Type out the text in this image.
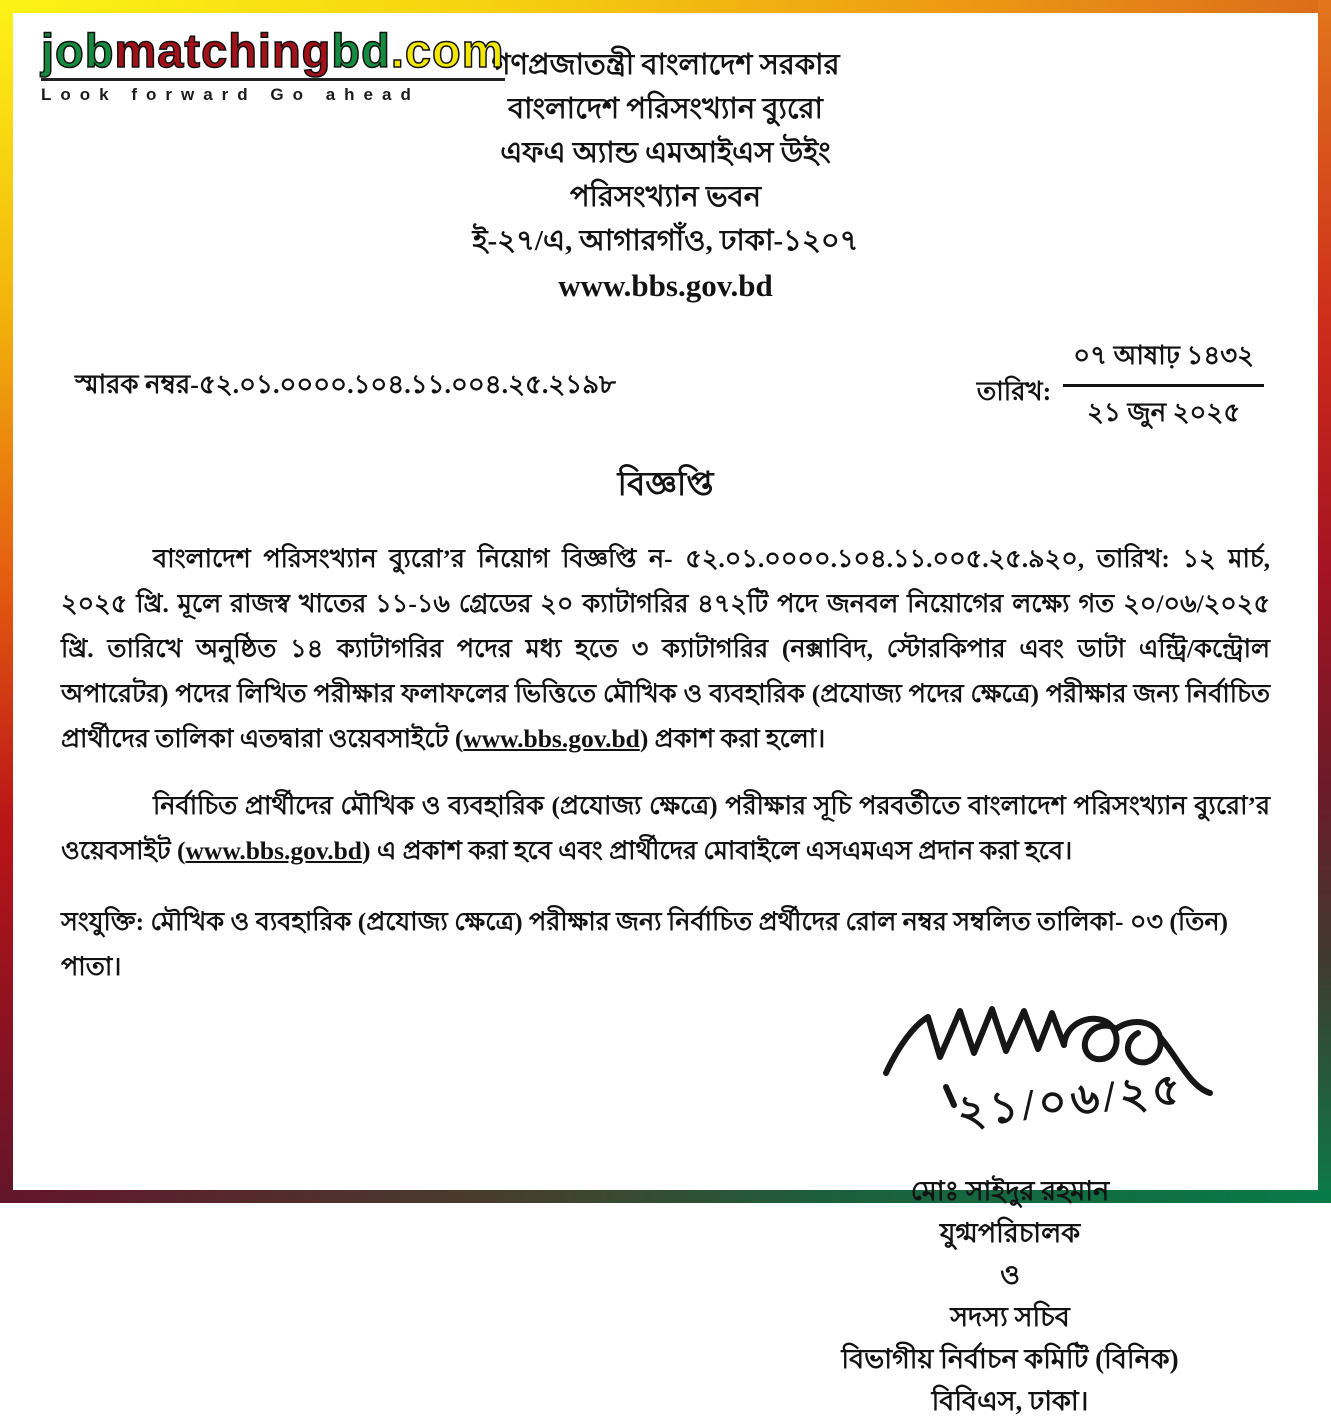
jobmatchingbd.com
Look forward Go ahead
গণপ্রজাতন্ত্রী বাংলাদেশ সরকার
বাংলাদেশ পরিসংখ্যান ব্যুরো
এফএ অ্যান্ড এমআইএস উইং
পরিসংখ্যান ভবন
ই-২৭/এ, আগারগাঁও, ঢাকা-১২০৭
www.bbs.gov.bd
স্মারক নম্বর-৫২.০১.০০০০.১০৪.১১.০০৪.২৫.২১৯৮	তারিখ: $\frac{\text{০৭ আষাঢ় ১৪৩২}}{\text{২১ জুন ২০২৫}}$
বিজ্ঞপ্তি
বাংলাদেশ পরিসংখ্যান ব্যুরো’র নিয়োগ বিজ্ঞপ্তি ন- ৫২.০১.০০০০.১০৪.১১.০০৫.২৫.৯২০, তারিখ: ১২ মার্চ, ২০২৫ খ্রি. মূলে রাজস্ব খাতের ১১-১৬ গ্রেডের ২০ ক্যাটাগরির ৪৭২টি পদে জনবল নিয়োগের লক্ষ্যে গত ২০/০৬/২০২৫ খ্রি. তারিখে অনুষ্ঠিত ১৪ ক্যাটাগরির পদের মধ্য হতে ৩ ক্যাটাগরির (নক্সাবিদ, স্টোরকিপার এবং ডাটা এন্ট্রি/কন্ট্রোল অপারেটর) পদের লিখিত পরীক্ষার ফলাফলের ভিত্তিতে মৌখিক ও ব্যবহারিক (প্রযোজ্য পদের ক্ষেত্রে) পরীক্ষার জন্য নির্বাচিত প্রার্থীদের তালিকা এতদ্বারা ওয়েবসাইটে (www.bbs.gov.bd) প্রকাশ করা হলো।
নির্বাচিত প্রার্থীদের মৌখিক ও ব্যবহারিক (প্রযোজ্য ক্ষেত্রে) পরীক্ষার সূচি পরবর্তীতে বাংলাদেশ পরিসংখ্যান ব্যুরো’র ওয়েবসাইট (www.bbs.gov.bd) এ প্রকাশ করা হবে এবং প্রার্থীদের মোবাইলে এসএমএস প্রদান করা হবে।
সংযুক্তি: মৌখিক ও ব্যবহারিক (প্রযোজ্য ক্ষেত্রে) পরীক্ষার জন্য নির্বাচিত প্রর্থীদের রোল নম্বর সম্বলিত তালিকা- ০৩ (তিন) পাতা।
২১/০৬/২৫
মোঃ সাইদুর রহমান
যুগ্মপরিচালক
ও
সদস্য সচিব
বিভাগীয় নির্বাচন কমিটি (বিনিক)
বিবিএস, ঢাকা।
